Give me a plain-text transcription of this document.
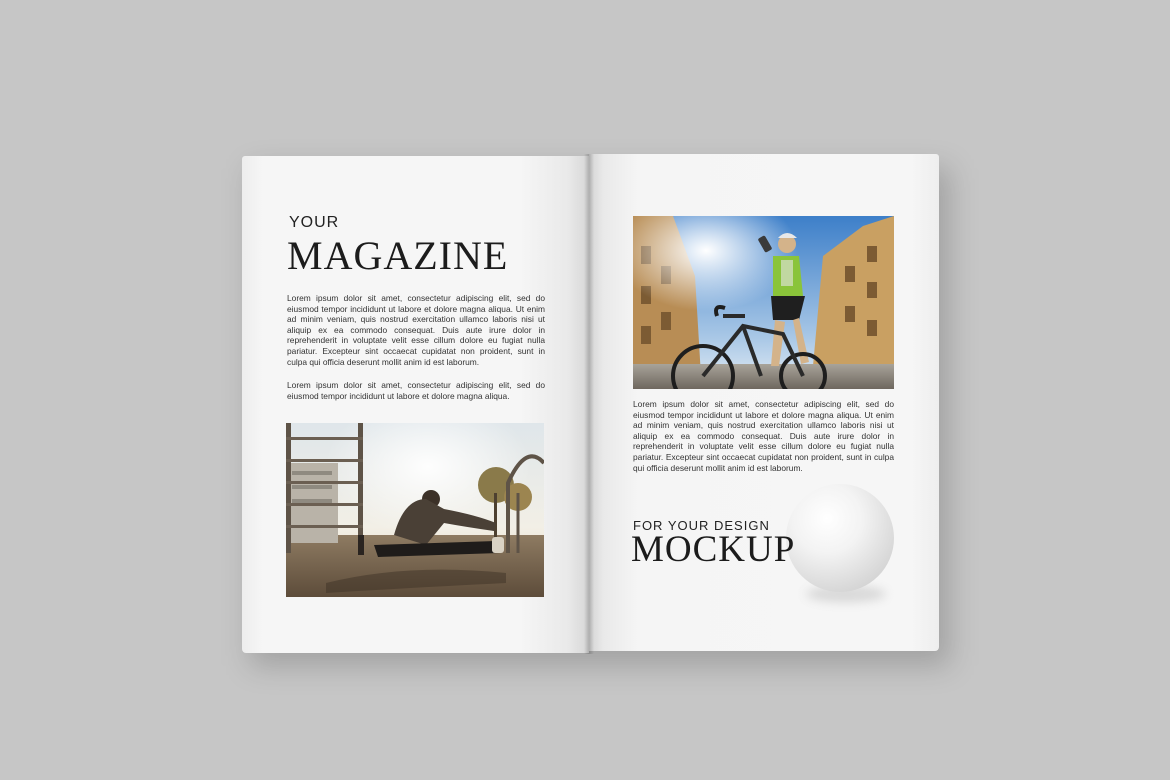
YOUR
MAGAZINE

Lorem ipsum dolor sit amet, consectetur adipiscing elit, sed do eiusmod tempor incididunt ut labore et dolore magna aliqua. Ut enim ad minim veniam, quis nostrud exercitation ullamco laboris nisi ut aliquip ex ea commodo consequat. Duis aute irure dolor in reprehenderit in voluptate velit esse cillum dolore eu fugiat nulla pariatur. Excepteur sint occaecat cupidatat non proident, sunt in culpa qui officia deserunt mollit anim id est laborum.

Lorem ipsum dolor sit amet, consectetur adipiscing elit, sed do eiusmod tempor incididunt ut labore et dolore magna aliqua.

Lorem ipsum dolor sit amet, consectetur adipiscing elit, sed do eiusmod tempor incididunt ut labore et dolore magna aliqua. Ut enim ad minim veniam, quis nostrud exercitation ullamco laboris nisi ut aliquip ex ea commodo consequat. Duis aute irure dolor in reprehenderit in voluptate velit esse cillum dolore eu fugiat nulla pariatur. Excepteur sint occaecat cupidatat non proident, sunt in culpa qui officia deserunt mollit anim id est laborum.

FOR YOUR DESIGN
MOCKUP
